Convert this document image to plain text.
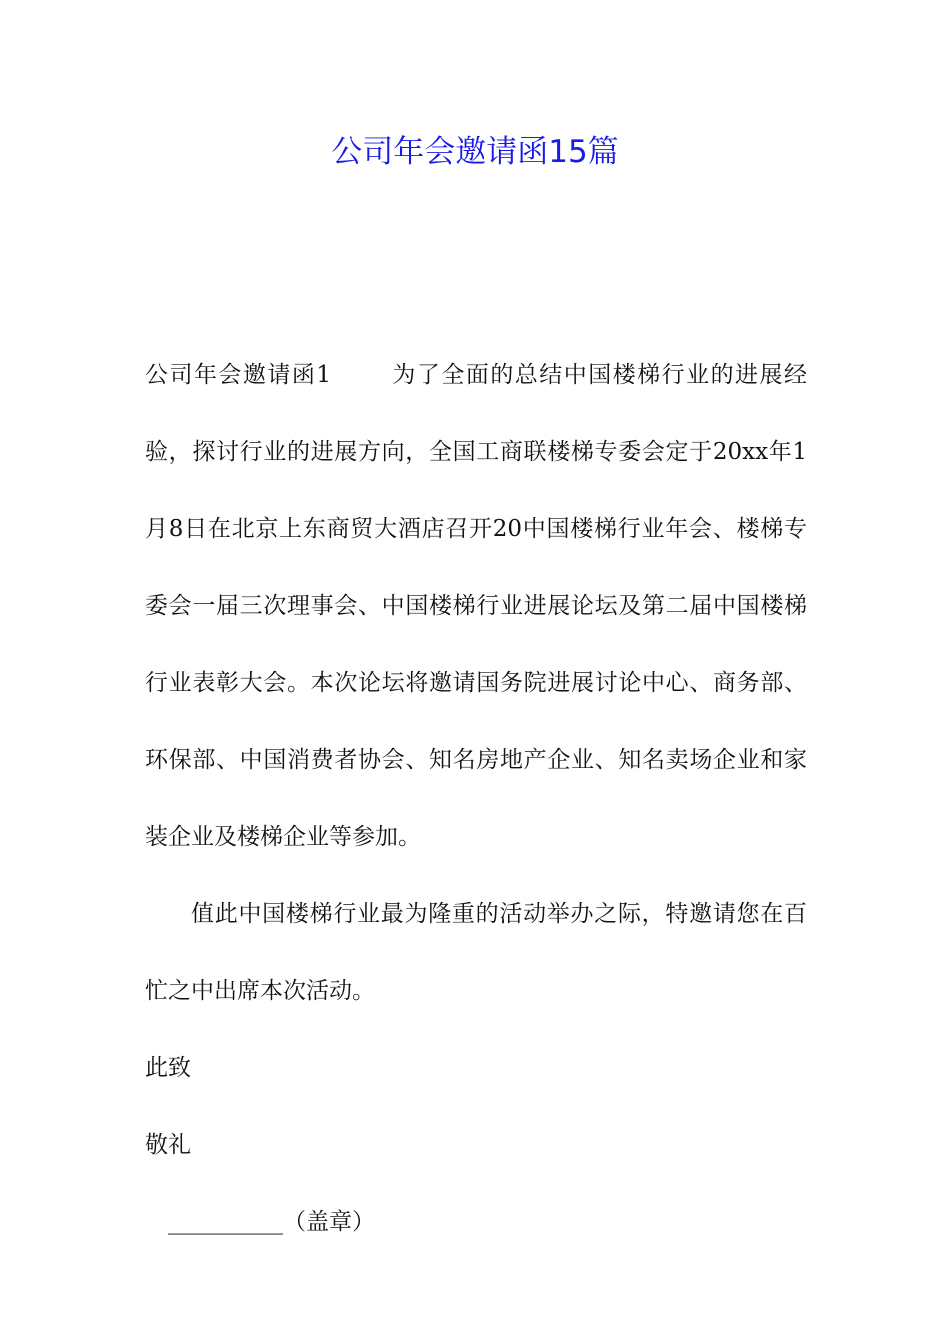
公司年会邀请函15篇

公司年会邀请函1	为了全面的总结中国楼梯行业的进展经验，探讨行业的进展方向，全国工商联楼梯专委会定于20xx年1月8日在北京上东商贸大酒店召开20中国楼梯行业年会、楼梯专委会一届三次理事会、中国楼梯行业进展论坛及第二届中国楼梯行业表彰大会。本次论坛将邀请国务院进展讨论中心、商务部、环保部、中国消费者协会、知名房地产企业、知名卖场企业和家装企业及楼梯企业等参加。

值此中国楼梯行业最为隆重的活动举办之际，特邀请您在百忙之中出席本次活动。

此致

敬礼

__________（盖章）
